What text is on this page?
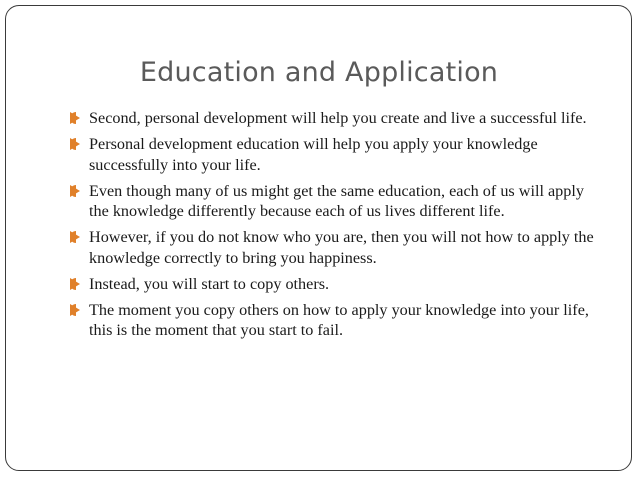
Education and Application
Second, personal development will help you create and live a successful life.
Personal development education will help you apply your knowledge successfully into your life.
Even though many of us might get the same education, each of us will apply the knowledge differently because each of us lives different life.
However, if you do not know who you are, then you will not how to apply the knowledge correctly to bring you happiness.
Instead, you will start to copy others.
The moment you copy others on how to apply your knowledge into your life, this is the moment that you start to fail.
